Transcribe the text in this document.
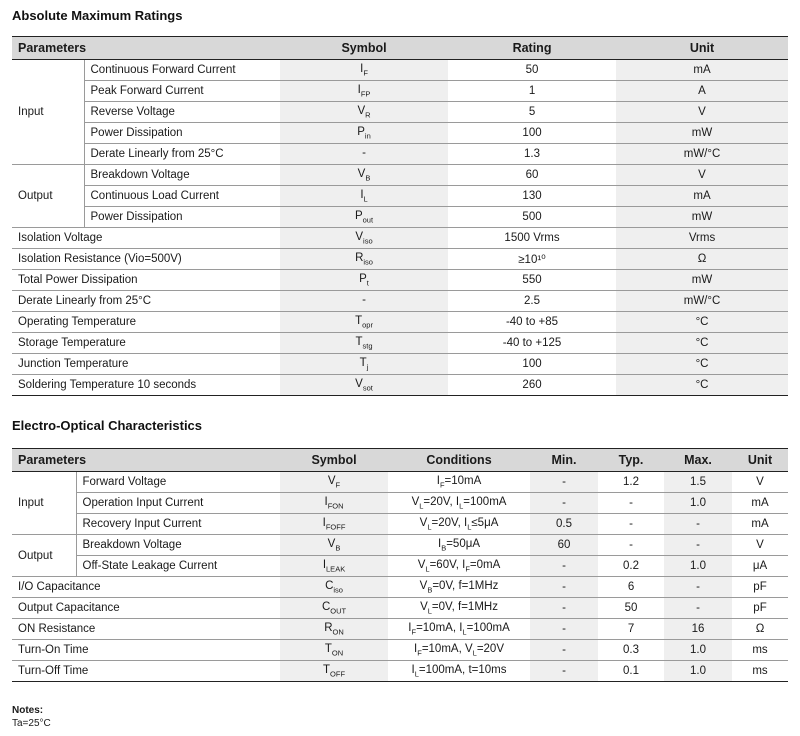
Absolute Maximum Ratings
Parameters		Symbol	Rating	Unit
Input	Continuous Forward Current	$I_F$	50	mA
	Peak Forward Current	$I_{FP}$	1	A
	Reverse Voltage	$V_R$	5	V
	Power Dissipation	$P_{in}$	100	mW
	Derate Linearly from 25°C	-	1.3	mW/°C
Output	Breakdown Voltage	$V_B$	60	V
	Continuous Load Current	$I_L$	130	mA
	Power Dissipation	$P_{out}$	500	mW
Isolation Voltage		$V_{iso}$	1500 Vrms	Vrms
Isolation Resistance (Vio=500V)		$R_{iso}$	≥10¹⁰	Ω
Total Power Dissipation		$P_t$	550	mW
Derate Linearly from 25°C		-	2.5	mW/°C
Operating Temperature		$T_{opr}$	-40 to +85	°C
Storage Temperature		$T_{stg}$	-40 to +125	°C
Junction Temperature		$T_j$	100	°C
Soldering Temperature 10 seconds		$V_{sot}$	260	°C
Electro-Optical Characteristics
Parameters		Symbol	Conditions	Min.	Typ.	Max.	Unit
Input	Forward Voltage	$V_F$	$I_F=10mA$	-	1.2	1.5	V
	Operation Input Current	$I_{FON}$	$V_L=20V$, $I_L=100mA$	-	-	1.0	mA
	Recovery Input Current	$I_{FOFF}$	$V_L=20V$, $I_L\le 5\mu A$	0.5	-	-	mA
Output	Breakdown Voltage	$V_B$	$I_B=50\mu A$	60	-	-	V
	Off-State Leakage Current	$I_{LEAK}$	$V_L=60V$, $I_F=0mA$	-	0.2	1.0	μA
I/O Capacitance		$C_{iso}$	$V_B=0V$, f=1MHz	-	6	-	pF
Output Capacitance		$C_{OUT}$	$V_L=0V$, f=1MHz	-	50	-	pF
ON Resistance		$R_{ON}$	$I_F=10mA$, $I_L=100mA$	-	7	16	Ω
Turn-On Time		$T_{ON}$	$I_F=10mA$, $V_L=20V$	-	0.3	1.0	ms
Turn-Off Time		$T_{OFF}$	$I_L=100mA$, t=10ms	-	0.1	1.0	ms
Notes:
Ta=25°C
